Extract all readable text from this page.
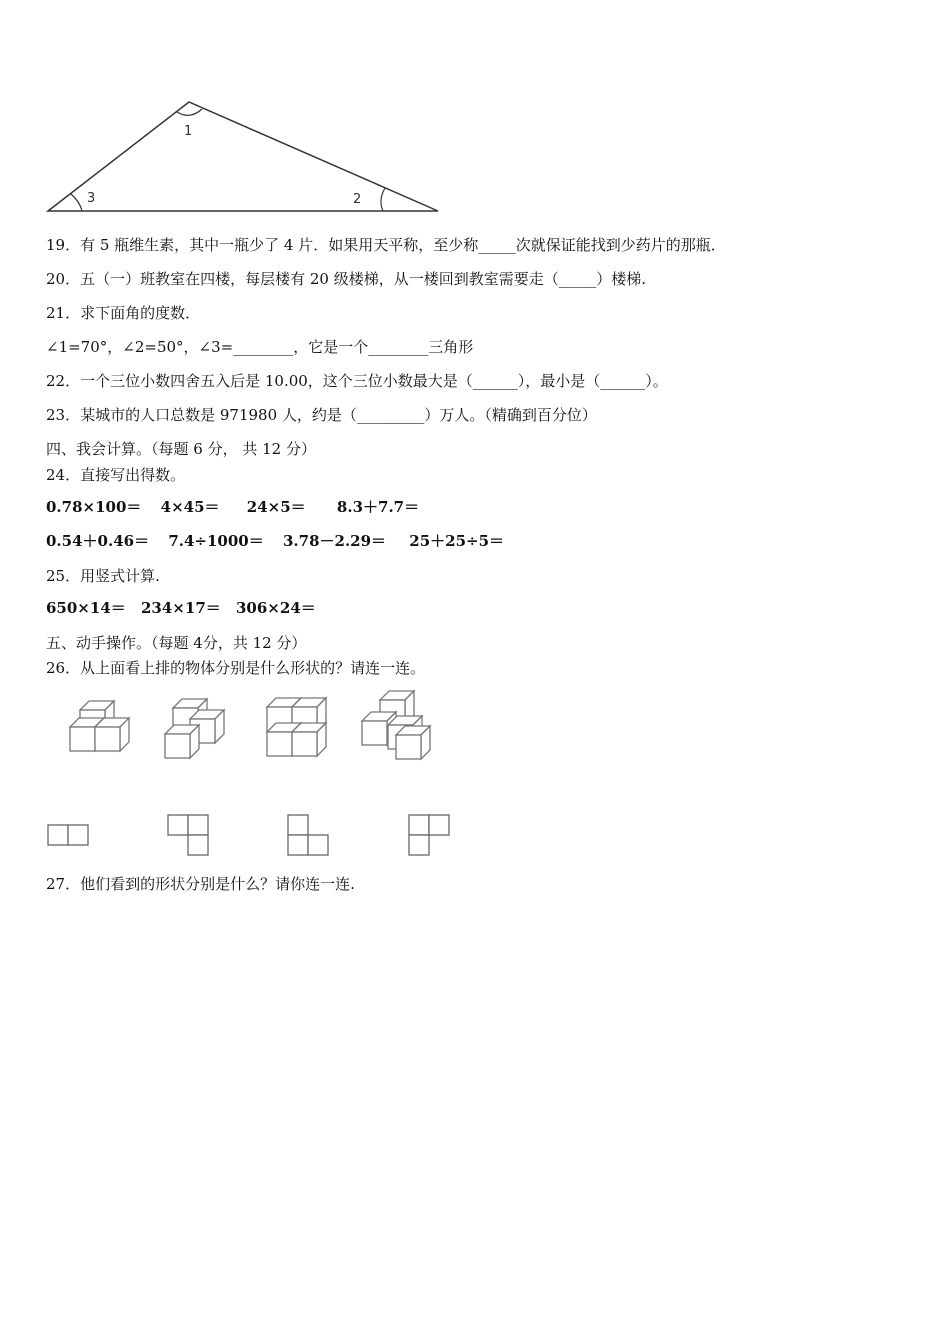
1
2
3
19．有 5 瓶维生素，其中一瓶少了 4 片．如果用天平称，至少称_____次就保证能找到少药片的那瓶．
20．五（一）班教室在四楼，每层楼有 20 级楼梯，从一楼回到教室需要走（_____）楼梯.
21．求下面角的度数．
∠1=70°，∠2=50°，∠3=________，它是一个________三角形
22．一个三位小数四舍五入后是 10.00，这个三位小数最大是（______），最小是（______）。
23．某城市的人口总数是 971980 人，约是（_________）万人。（精确到百分位）
四、我会计算。（每题 6 分， 共 12 分）
24．直接写出得数。
0.78×100＝ 4×45＝ 24×5＝ 8.3＋7.7＝
0.54＋0.46＝ 7.4÷1000＝ 3.78－2.29＝ 25＋25÷5＝
25．用竖式计算.
650×14＝ 234×17＝ 306×24＝
五、动手操作。（每题 4分，共 12 分）
26．从上面看上排的物体分别是什么形状的？请连一连。
27．他们看到的形状分别是什么？请你连一连.
